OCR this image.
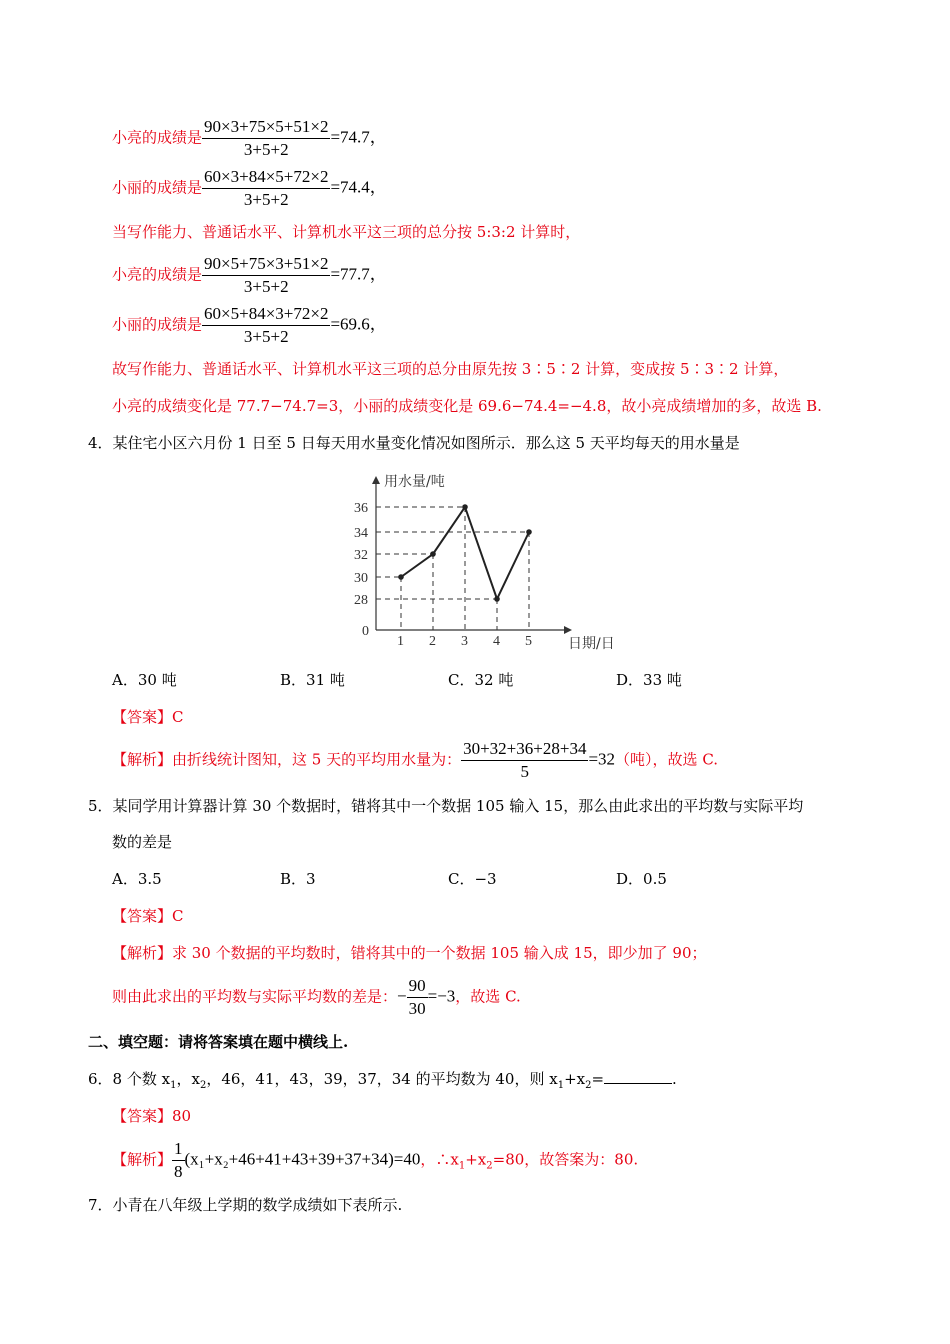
小亮的成绩是 $\frac{90\times 3+75\times 5+51\times 2}{3+5+2} =74.7$，
小丽的成绩是 $\frac{60\times 3+84\times 5+72\times 2}{3+5+2} =74.4$，
当写作能力、普通话水平、计算机水平这三项的总分按 5:3:2 计算时，
小亮的成绩是 $\frac{90\times 5+75\times 3+51\times 2}{3+5+2} =77.7$，
小丽的成绩是 $\frac{60\times 5+84\times 3+72\times 2}{3+5+2} =69.6$，
故写作能力、普通话水平、计算机水平这三项的总分由原先按 3∶5∶2 计算，变成按 5∶3∶2 计算，
小亮的成绩变化是 77.7−74.7=3，小丽的成绩变化是 69.6−74.4=−4.8，故小亮成绩增加的多，故选 B.
4．某住宅小区六月份 1 日至 5 日每天用水量变化情况如图所示．那么这 5 天平均每天的用水量是
用水量/吨
日期/日
36
34
32
30
28
0
1 2 3 4 5
A．30 吨	B．31 吨	C．32 吨	D．33 吨
【答案】C
【解析】由折线统计图知，这 5 天的平均用水量为： $\frac{30+32+36+28+34}{5} =32$（吨），故选 C.
5．某同学用计算器计算 30 个数据时，错将其中一个数据 105 输入 15，那么由此求出的平均数与实际平均
数的差是
A．3.5	B．3	C．−3	D．0.5
【答案】C
【解析】求 30 个数据的平均数时，错将其中的一个数据 105 输入成 15，即少加了 90；
则由此求出的平均数与实际平均数的差是：− $\frac{90}{30} =-3$，故选 C.
二、填空题：请将答案填在题中横线上.
6．8 个数 $x_1$，$x_2$，46，41，43，39，37，34 的平均数为 40，则 $x_1+x_2=$	.
【答案】80
【解析】 $\frac{1}{8} (x_1+x_2+46+41+43+39+37+34)=40$，$\therefore x_1+x_2=80$，故答案为：80.
7．小青在八年级上学期的数学成绩如下表所示.
